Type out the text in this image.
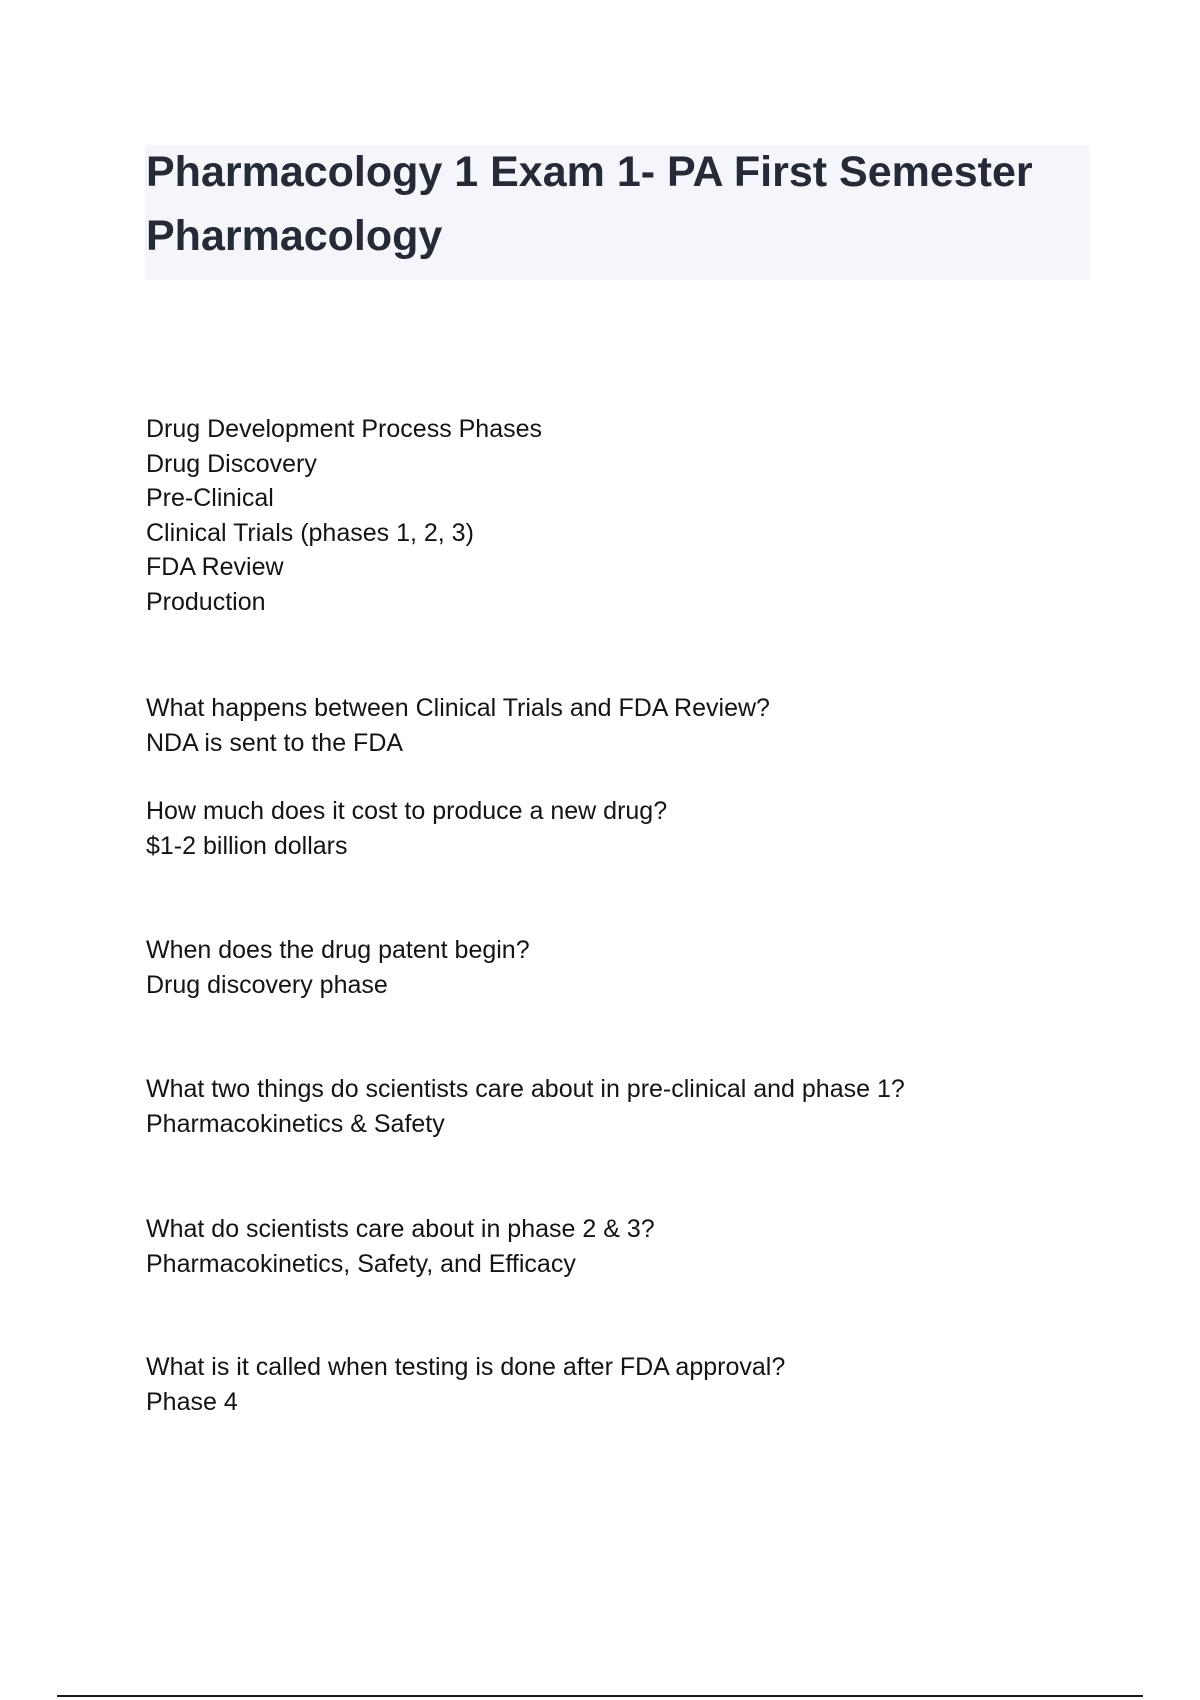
Pharmacology 1 Exam 1- PA First Semester Pharmacology
Drug Development Process Phases
Drug Discovery
Pre-Clinical
Clinical Trials (phases 1, 2, 3)
FDA Review
Production
What happens between Clinical Trials and FDA Review?
NDA is sent to the FDA
How much does it cost to produce a new drug?
$1-2 billion dollars
When does the drug patent begin?
Drug discovery phase
What two things do scientists care about in pre-clinical and phase 1?
Pharmacokinetics & Safety
What do scientists care about in phase 2 & 3?
Pharmacokinetics, Safety, and Efficacy
What is it called when testing is done after FDA approval?
Phase 4
